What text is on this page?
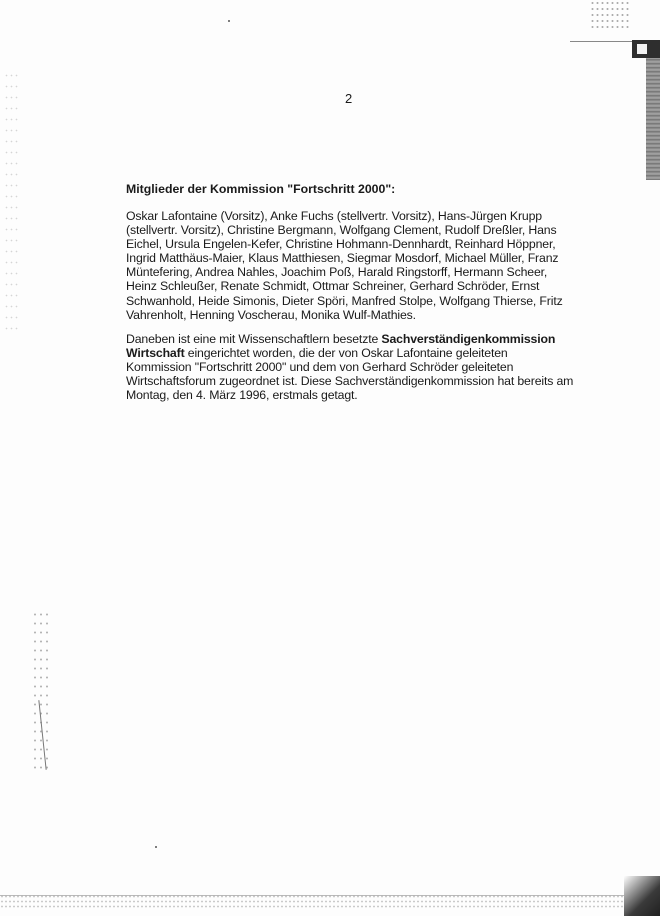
2
Mitglieder der Kommission "Fortschritt 2000":
Oskar Lafontaine (Vorsitz), Anke Fuchs (stellvertr. Vorsitz), Hans-Jürgen Krupp
(stellvertr. Vorsitz), Christine Bergmann, Wolfgang Clement, Rudolf Dreßler, Hans
Eichel, Ursula Engelen-Kefer, Christine Hohmann-Dennhardt, Reinhard Höppner,
Ingrid Matthäus-Maier, Klaus Matthiesen, Siegmar Mosdorf, Michael Müller, Franz
Müntefering, Andrea Nahles, Joachim Poß, Harald Ringstorff, Hermann Scheer,
Heinz Schleußer, Renate Schmidt, Ottmar Schreiner, Gerhard Schröder, Ernst
Schwanhold, Heide Simonis, Dieter Spöri, Manfred Stolpe, Wolfgang Thierse, Fritz
Vahrenholt, Henning Voscherau, Monika Wulf-Mathies.
Daneben ist eine mit Wissenschaftlern besetzte Sachverständigenkommission
Wirtschaft eingerichtet worden, die der von Oskar Lafontaine geleiteten
Kommission "Fortschritt 2000" und dem von Gerhard Schröder geleiteten
Wirtschaftsforum zugeordnet ist. Diese Sachverständigenkommission hat bereits am
Montag, den 4. März 1996, erstmals getagt.
